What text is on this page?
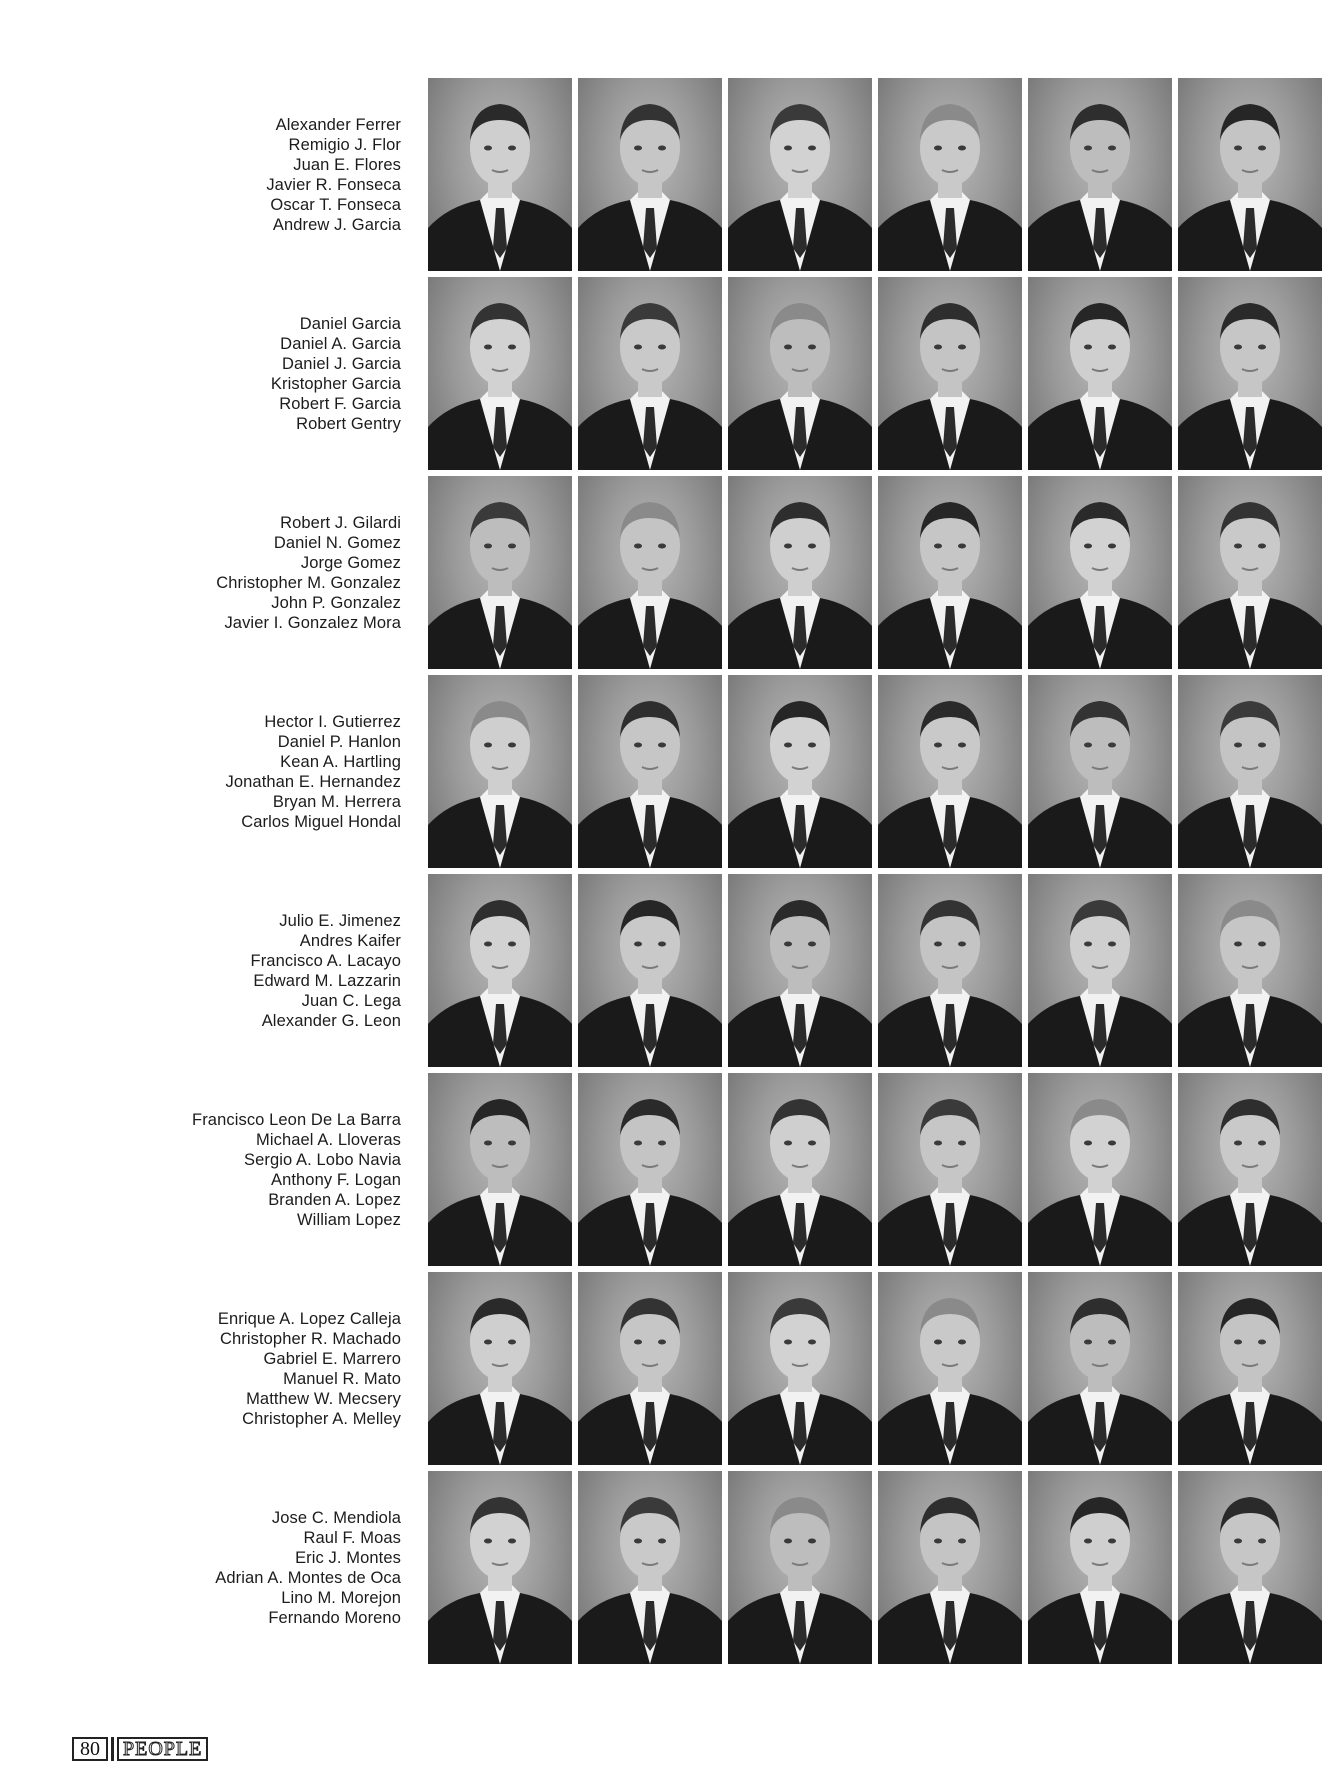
Alexander Ferrer
Remigio J. Flor
Juan E. Flores
Javier R. Fonseca
Oscar T. Fonseca
Andrew J. Garcia
Daniel Garcia
Daniel A. Garcia
Daniel J. Garcia
Kristopher Garcia
Robert F. Garcia
Robert Gentry
Robert J. Gilardi
Daniel N. Gomez
Jorge Gomez
Christopher M. Gonzalez
John P. Gonzalez
Javier I. Gonzalez Mora
Hector I. Gutierrez
Daniel P. Hanlon
Kean A. Hartling
Jonathan E. Hernandez
Bryan M. Herrera
Carlos Miguel Hondal
Julio E. Jimenez
Andres Kaifer
Francisco A. Lacayo
Edward M. Lazzarin
Juan C. Lega
Alexander G. Leon
Francisco Leon De La Barra
Michael A. Lloveras
Sergio A. Lobo Navia
Anthony F. Logan
Branden A. Lopez
William Lopez
Enrique A. Lopez Calleja
Christopher R. Machado
Gabriel E. Marrero
Manuel R. Mato
Matthew W. Mecsery
Christopher A. Melley
Jose C. Mendiola
Raul F. Moas
Eric J. Montes
Adrian A. Montes de Oca
Lino M. Morejon
Fernando Moreno
80	PEOPLE
